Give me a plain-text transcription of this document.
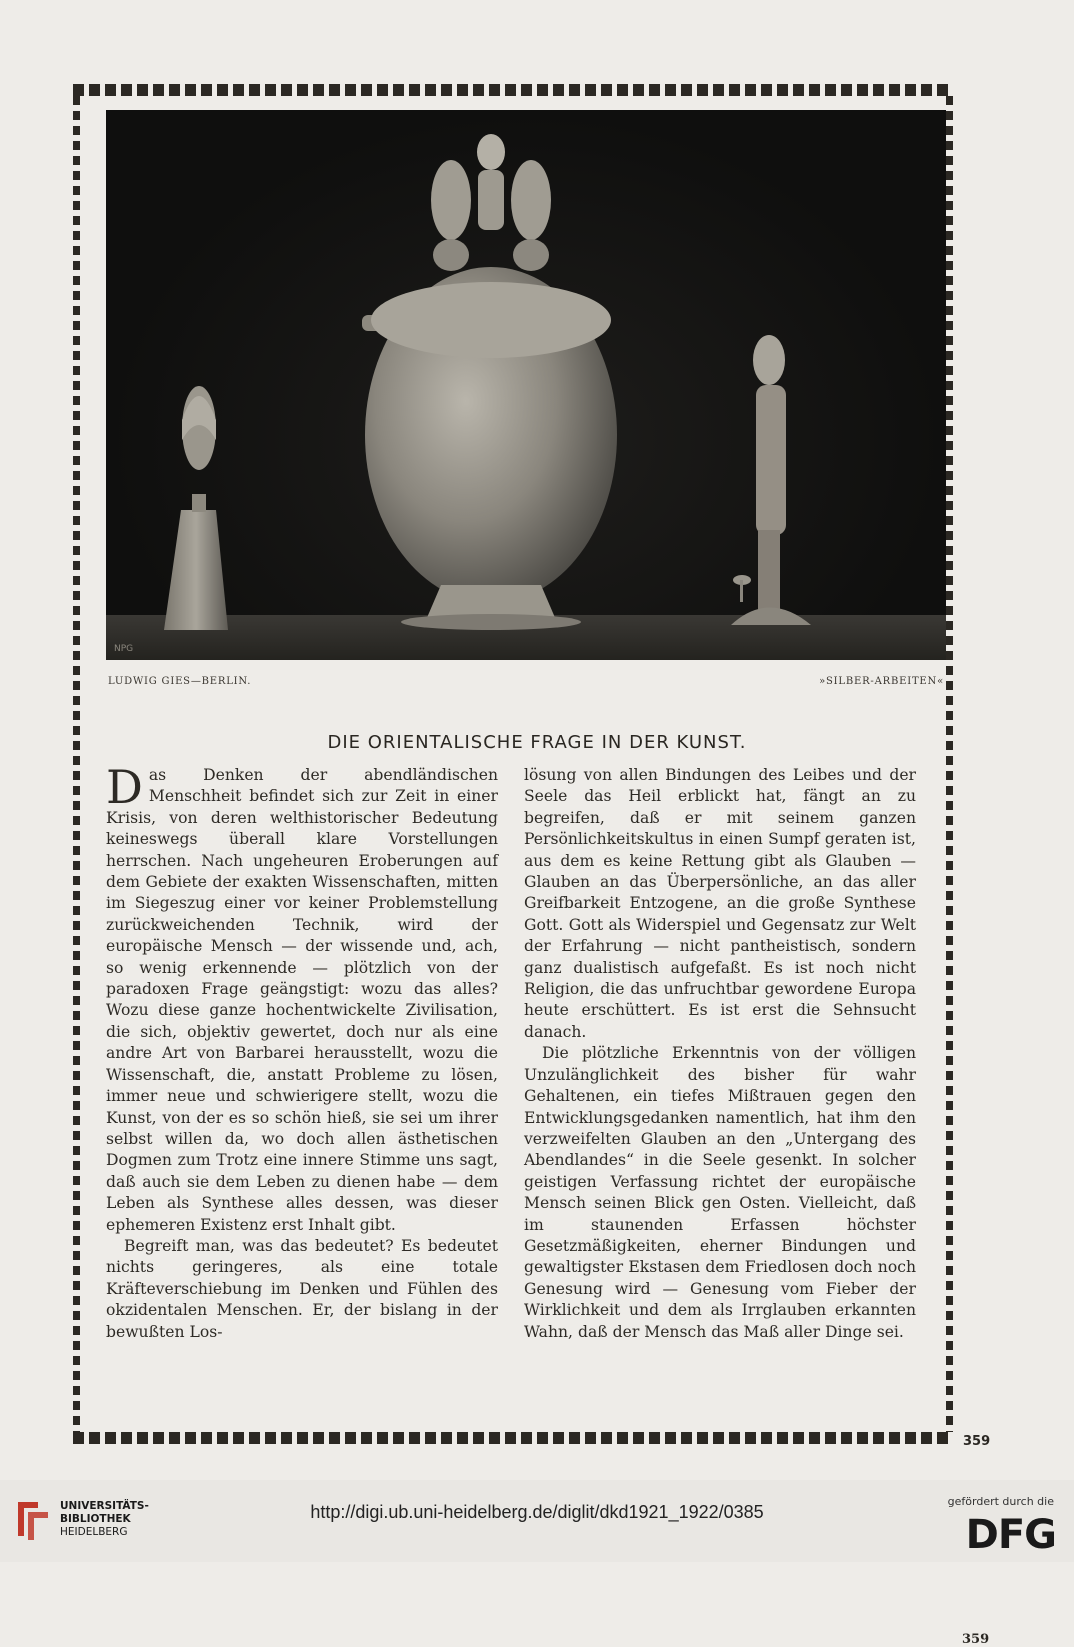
NPG
LUDWIG GIES—BERLIN.	»SILBER-ARBEITEN«
DIE ORIENTALISCHE FRAGE IN DER KUNST.

Das Denken der abendländischen Menschheit befindet sich zur Zeit in einer Krisis, von deren welthistorischer Bedeutung keineswegs überall klare Vorstellungen herrschen. Nach ungeheuren Eroberungen auf dem Gebiete der exakten Wissenschaften, mitten im Siegeszug einer vor keiner Problemstellung zurückweichenden Technik, wird der europäische Mensch — der wissende und, ach, so wenig erkennende — plötzlich von der paradoxen Frage geängstigt: wozu das alles? Wozu diese ganze hochentwickelte Zivilisation, die sich, objektiv gewertet, doch nur als eine andre Art von Barbarei herausstellt, wozu die Wissenschaft, die, anstatt Probleme zu lösen, immer neue und schwierigere stellt, wozu die Kunst, von der es so schön hieß, sie sei um ihrer selbst willen da, wo doch allen ästhetischen Dogmen zum Trotz eine innere Stimme uns sagt, daß auch sie dem Leben zu dienen habe — dem Leben als Synthese alles dessen, was dieser ephemeren Existenz erst Inhalt gibt.

Begreift man, was das bedeutet? Es bedeutet nichts geringeres, als eine totale Kräfteverschiebung im Denken und Fühlen des okzidentalen Menschen. Er, der bislang in der bewußten Los-

lösung von allen Bindungen des Leibes und der Seele das Heil erblickt hat, fängt an zu begreifen, daß er mit seinem ganzen Persönlichkeitskultus in einen Sumpf geraten ist, aus dem es keine Rettung gibt als Glauben — Glauben an das Überpersönliche, an das aller Greifbarkeit Entzogene, an die große Synthese Gott. Gott als Widerspiel und Gegensatz zur Welt der Erfahrung — nicht pantheistisch, sondern ganz dualistisch aufgefaßt. Es ist noch nicht Religion, die das unfruchtbar gewordene Europa heute erschüttert. Es ist erst die Sehnsucht danach.

Die plötzliche Erkenntnis von der völligen Unzulänglichkeit des bisher für wahr Gehaltenen, ein tiefes Mißtrauen gegen den Entwicklungsgedanken namentlich, hat ihm den verzweifelten Glauben an den „Untergang des Abendlandes“ in die Seele gesenkt. In solcher geistigen Verfassung richtet der europäische Mensch seinen Blick gen Osten. Vielleicht, daß im staunenden Erfassen höchster Gesetzmäßigkeiten, eherner Bindungen und gewaltigster Ekstasen dem Friedlosen doch noch Genesung wird — Genesung vom Fieber der Wirklichkeit und dem als Irrglauben erkannten Wahn, daß der Mensch das Maß aller Dinge sei.

359
359
UNIVERSITÄTS-
BIBLIOTHEK
HEIDELBERG
http://digi.ub.uni-heidelberg.de/diglit/dkd1921_1922/0385
gefördert durch die
DFG
